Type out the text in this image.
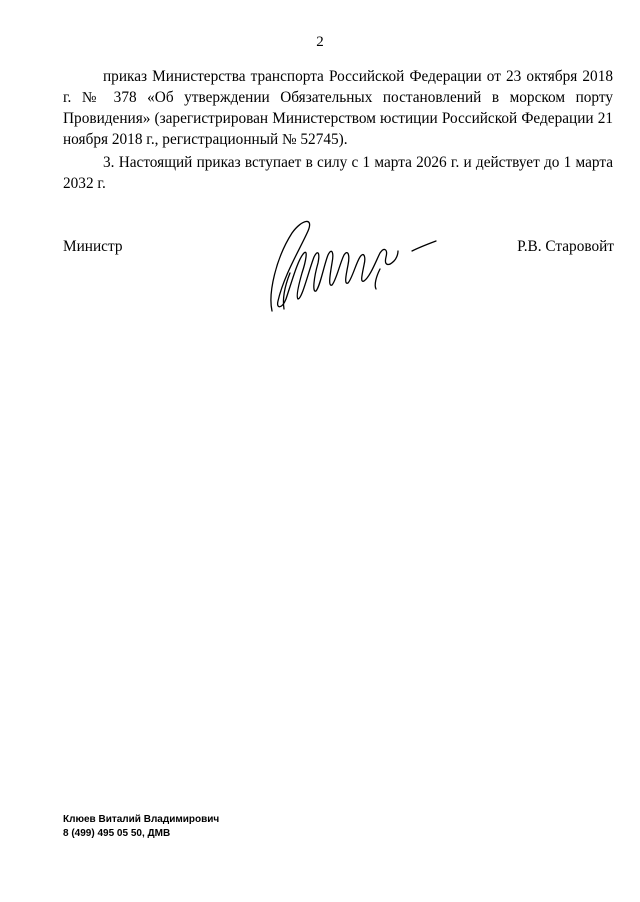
2

приказ Министерства транспорта Российской Федерации от 23 октября 2018 г. № 378 «Об утверждении Обязательных постановлений в морском порту Провидения» (зарегистрирован Министерством юстиции Российской Федерации 21 ноября 2018 г., регистрационный № 52745).

3. Настоящий приказ вступает в силу с 1 марта 2026 г. и действует до 1 марта 2032 г.

Министр	Р.В. Старовойт
Клюев Виталий Владимирович
8 (499) 495 05 50, ДМВ
